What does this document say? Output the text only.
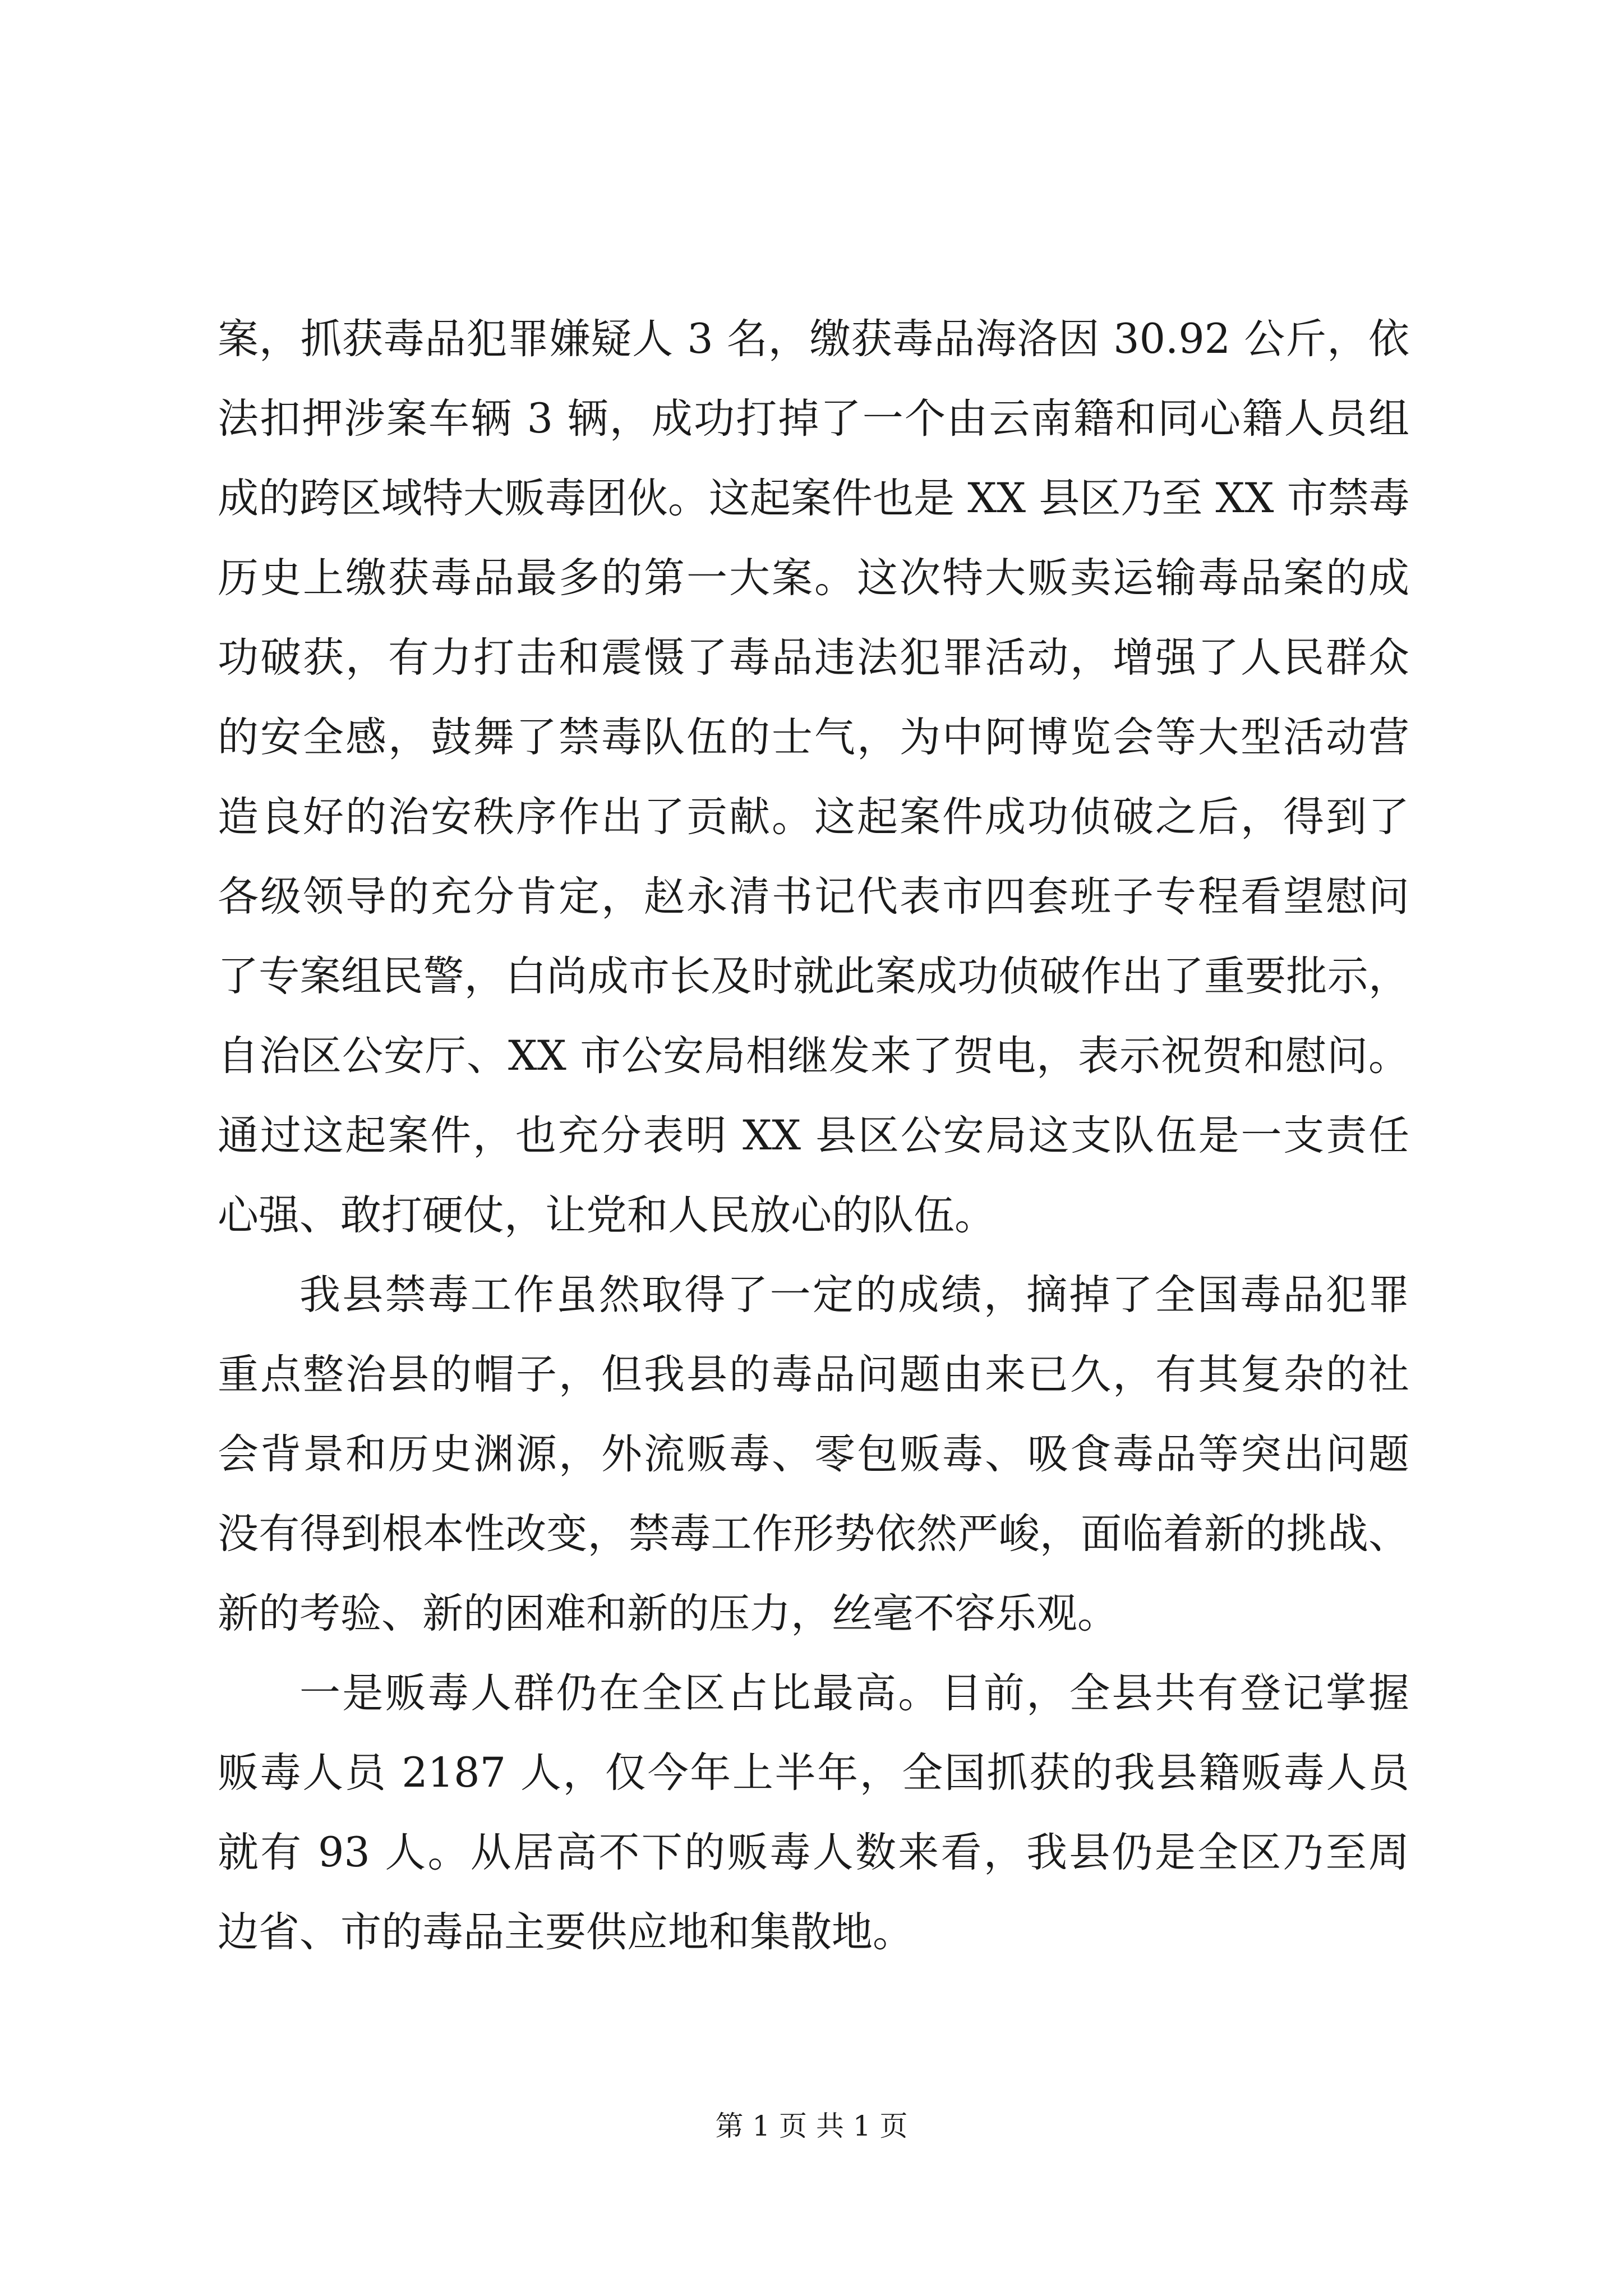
案，抓获毒品犯罪嫌疑人 3 名，缴获毒品海洛因 30.92 公斤，依
法扣押涉案车辆 3 辆，成功打掉了一个由云南籍和同心籍人员组
成的跨区域特大贩毒团伙。这起案件也是 XX 县区乃至 XX 市禁毒
历史上缴获毒品最多的第一大案。这次特大贩卖运输毒品案的成
功破获，有力打击和震慑了毒品违法犯罪活动，增强了人民群众
的安全感，鼓舞了禁毒队伍的士气，为中阿博览会等大型活动营
造良好的治安秩序作出了贡献。这起案件成功侦破之后，得到了
各级领导的充分肯定，赵永清书记代表市四套班子专程看望慰问
了专案组民警，白尚成市长及时就此案成功侦破作出了重要批示，
自治区公安厅、XX 市公安局相继发来了贺电，表示祝贺和慰问。
通过这起案件，也充分表明 XX 县区公安局这支队伍是一支责任
心强、敢打硬仗，让党和人民放心的队伍。
我县禁毒工作虽然取得了一定的成绩，摘掉了全国毒品犯罪
重点整治县的帽子，但我县的毒品问题由来已久，有其复杂的社
会背景和历史渊源，外流贩毒、零包贩毒、吸食毒品等突出问题
没有得到根本性改变，禁毒工作形势依然严峻，面临着新的挑战、
新的考验、新的困难和新的压力，丝毫不容乐观。
一是贩毒人群仍在全区占比最高。目前，全县共有登记掌握
贩毒人员 2187 人，仅今年上半年，全国抓获的我县籍贩毒人员
就有 93 人。从居高不下的贩毒人数来看，我县仍是全区乃至周
边省、市的毒品主要供应地和集散地。
第 1 页 共 1 页
